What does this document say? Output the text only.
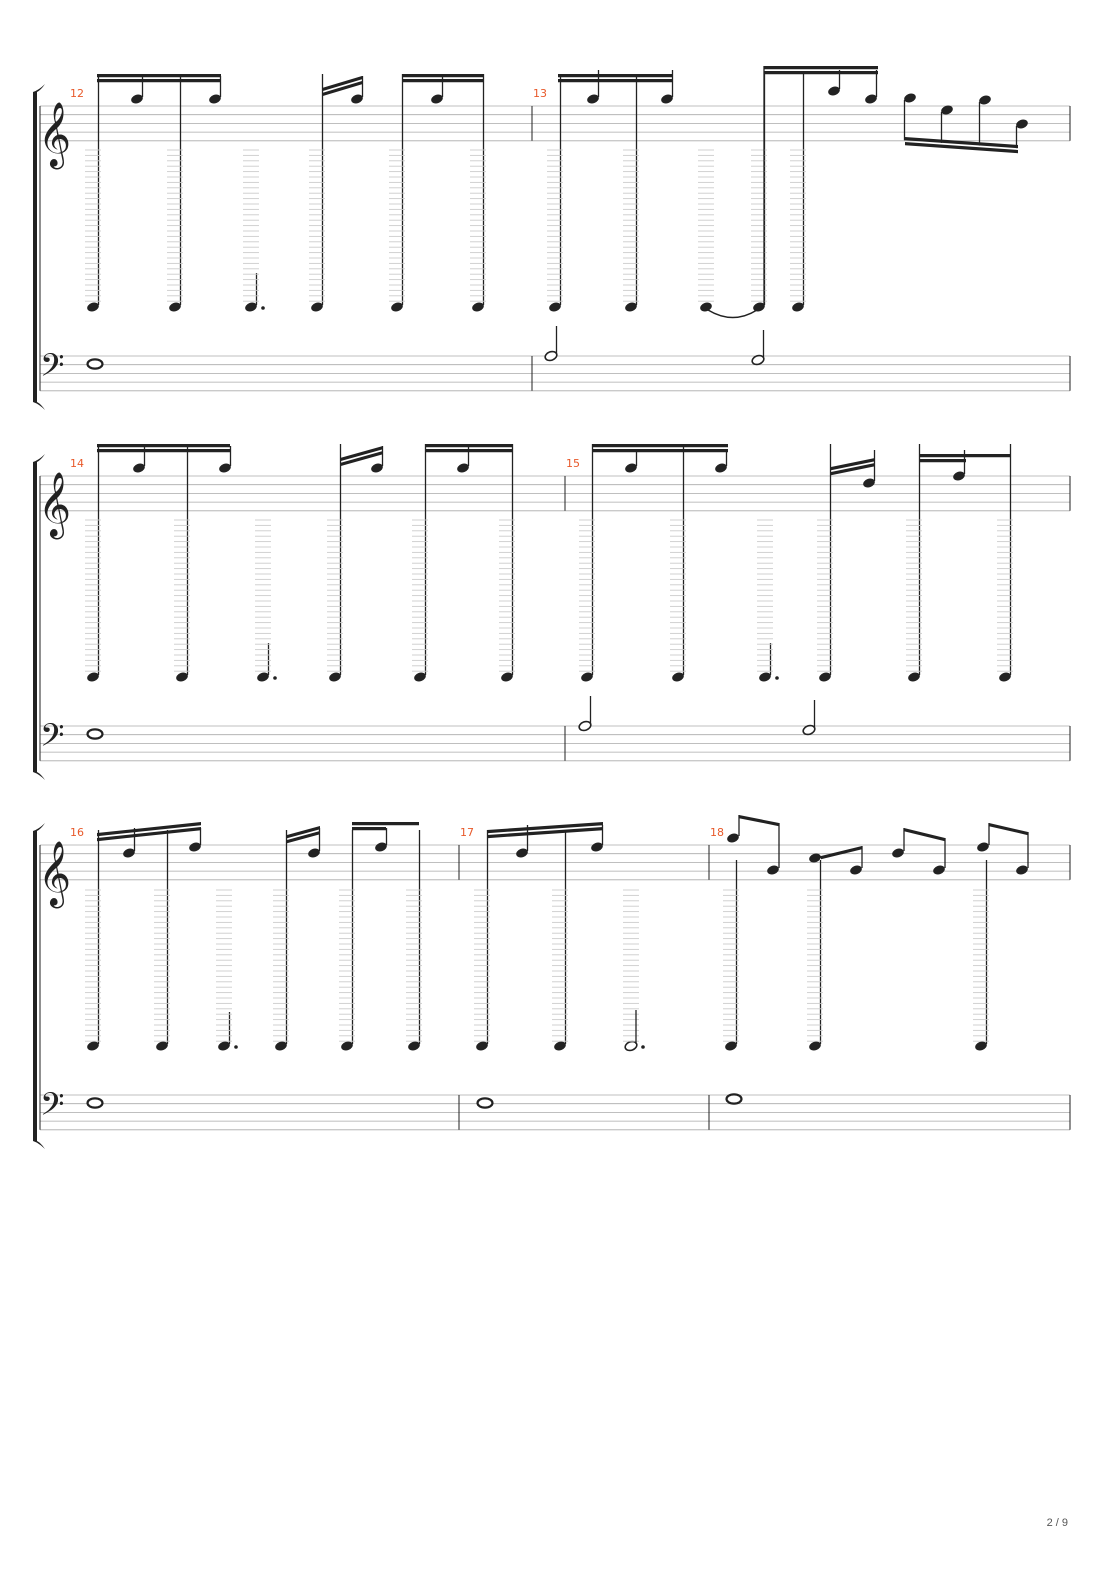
𝄞
𝄢
12	13
𝄞
𝄢
14	15
𝄞
𝄢
16	17	18
2 / 9
